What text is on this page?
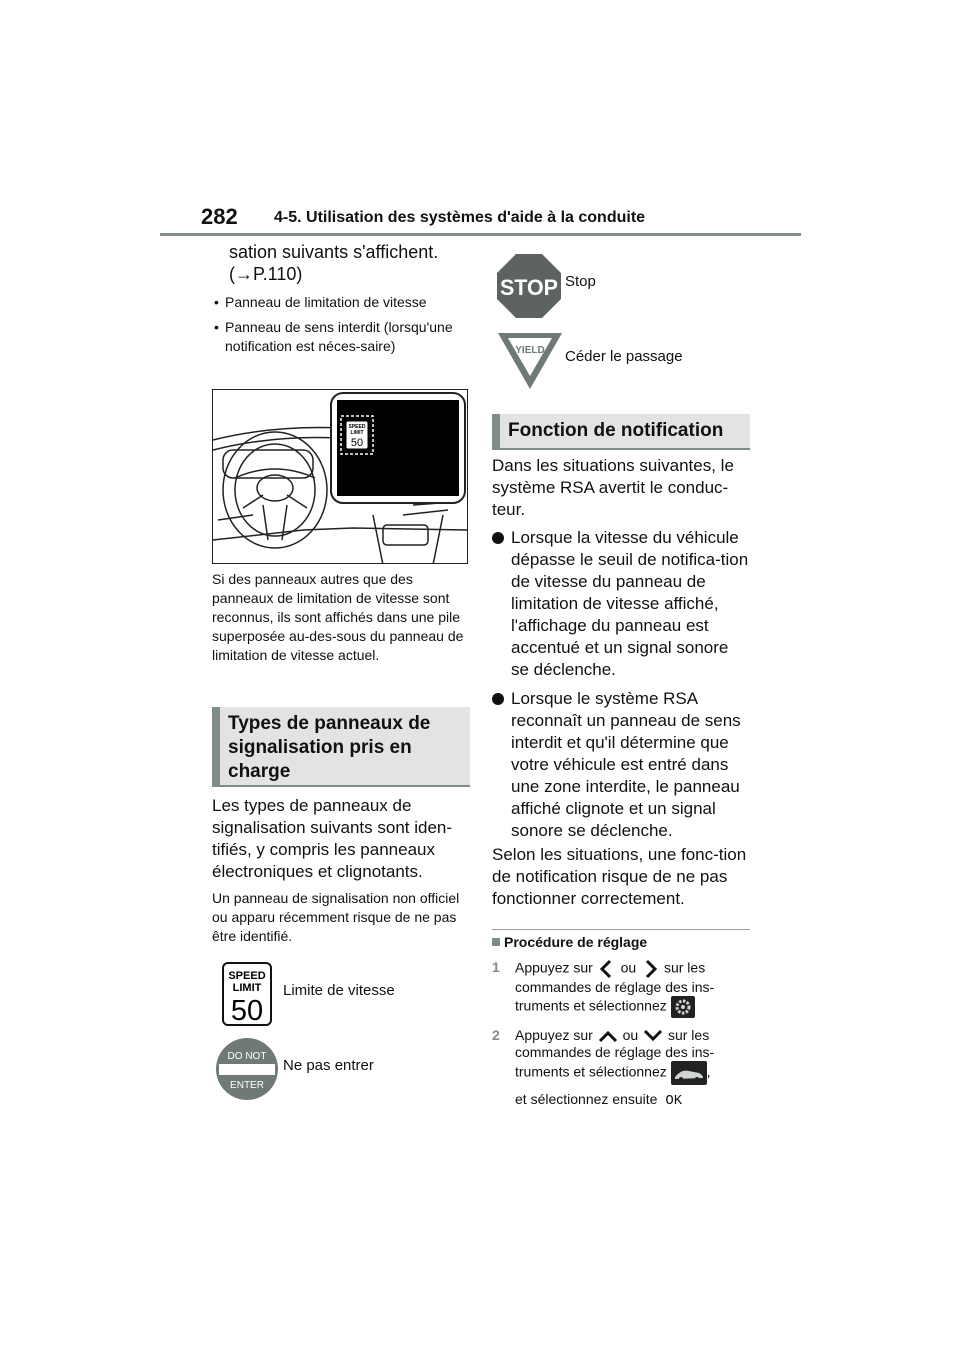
282 4-5. Utilisation des systèmes d'aide à la conduite
sation suivants s'affichent.
(→P.110)
• Panneau de limitation de vitesse
• Panneau de sens interdit (lorsqu'une notification est néces-saire)
SPEED
LIMIT
50
Si des panneaux autres que des panneaux de limitation de vitesse sont reconnus, ils sont affichés dans une pile superposée au-des-sous du panneau de limitation de vitesse actuel.
Types de panneaux de signalisation pris en charge
Les types de panneaux de signalisation suivants sont iden-tifiés, y compris les panneaux électroniques et clignotants.
Un panneau de signalisation non officiel ou apparu récemment risque de ne pas être identifié.
SPEED
LIMIT
50
Limite de vitesse
DO NOT
ENTER
Ne pas entrer
STOP Stop
YIELD Céder le passage
Fonction de notification
Dans les situations suivantes, le système RSA avertit le conduc-teur.
Lorsque la vitesse du véhicule dépasse le seuil de notifica-tion de vitesse du panneau de limitation de vitesse affiché, l'affichage du panneau est accentué et un signal sonore se déclenche.
Lorsque le système RSA reconnaît un panneau de sens interdit et qu'il détermine que votre véhicule est entré dans une zone interdite, le panneau affiché clignote et un signal sonore se déclenche.
Selon les situations, une fonc-tion de notification risque de ne pas fonctionner correctement.
Procédure de réglage
1 Appuyez sur ou sur les commandes de réglage des ins-truments et sélectionnez
2 Appuyez sur ou sur les commandes de réglage des ins-truments et sélectionnez	,
et sélectionnez ensuite OK
